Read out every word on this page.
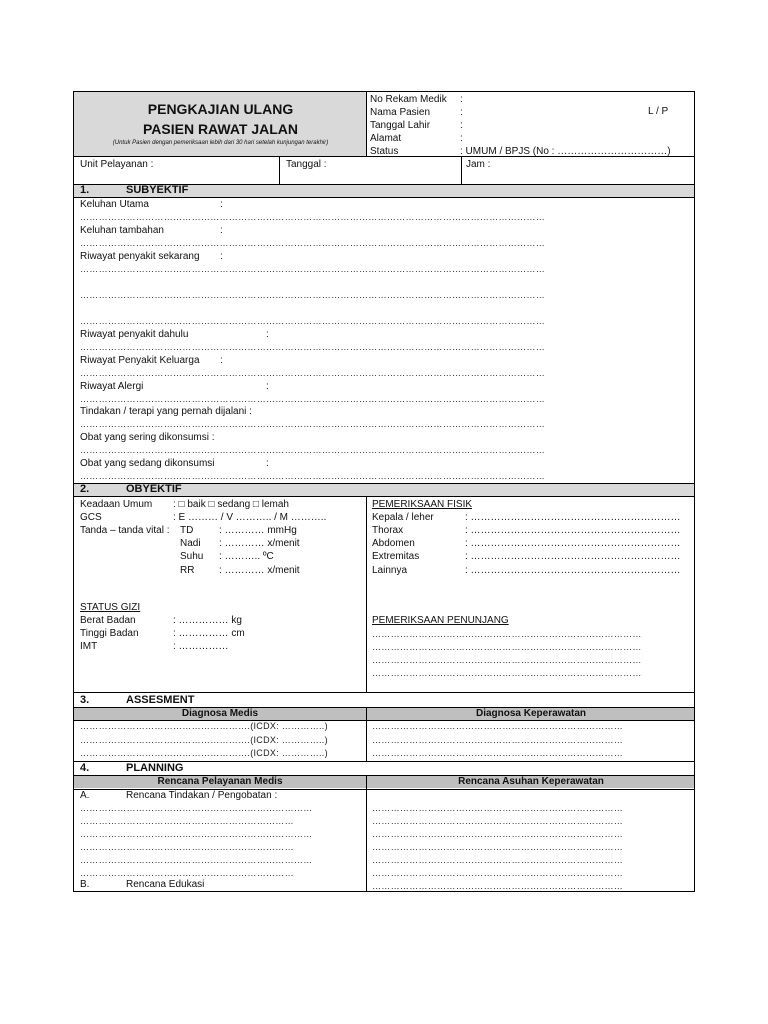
PENGKAJIAN ULANG
PASIEN RAWAT JALAN
(Untuk Pasien dengan pemeriksaan lebih dari 30 hari setelah kunjungan terakhir)
No Rekam Medik :
Nama Pasien	:
Tanggal Lahir	:
Alamat	:
Status	: UMUM / BPJS (No : ……………………………)
L / P
Unit Pelayanan :	Tanggal :	Jam :
1.	SUBYEKTIF
Keluhan Utama	:
……………………………………………………………………………………………………………………………………
Keluhan tambahan	:
……………………………………………………………………………………………………………………………………
Riwayat penyakit sekarang :
……………………………………………………………………………………………………………………………………
……………………………………………………………………………………………………………………………………
……………………………………………………………………………………………………………………………………
Riwayat penyakit dahulu	:
……………………………………………………………………………………………………………………………………
Riwayat Penyakit Keluarga :
……………………………………………………………………………………………………………………………………
Riwayat Alergi	:
……………………………………………………………………………………………………………………………………
Tindakan / terapi yang pernah dijalani :
……………………………………………………………………………………………………………………………………
Obat yang sering dikonsumsi :
……………………………………………………………………………………………………………………………………
Obat yang sedang dikonsumsi	:
……………………………………………………………………………………………………………………………………
2.	OBYEKTIF
Keadaan Umum : □ baik □ sedang □ lemah
GCS	: E ……… / V ……….. / M ………..
Tanda – tanda vital : TD	: ………… mmHg
Nadi : ………… x/menit
Suhu : ……….. ºC
RR : ………… x/menit
STATUS GIZI
Berat Badan	: …………… kg
Tinggi Badan	: …………… cm
IMT	: ……………
PEMERIKSAAN FISIK
Kepala / leher	: ………………………………………………………
Thorax	: ………………………………………………………
Abdomen	: ………………………………………………………
Extremitas	: ………………………………………………………
Lainnya	: ………………………………………………………
PEMERIKSAAN PENUNJANG
……………………………………………………………………………
……………………………………………………………………………
……………………………………………………………………………
……………………………………………………………………………
3.	ASSESMENT
Diagnosa Medis	Diagnosa Keperawatan
……………………………………………….(ICDX: …………..)
……………………………………………….(ICDX: …………..)
……………………………………………….(ICDX: …………..)
………………………………………………………………………
………………………………………………………………………
………………………………………………………………………
4.	PLANNING
Rencana Pelayanan Medis	Rencana Asuhan Keperawatan
A.	Rencana Tindakan / Pengobatan :
…………………………………………………………………
……………………………………………………………
…………………………………………………………………
……………………………………………………………
…………………………………………………………………
……………………………………………………………
B.	Rencana Edukasi
………………………………………………………………………
………………………………………………………………………
………………………………………………………………………
………………………………………………………………………
………………………………………………………………………
………………………………………………………………………
………………………………………………………………………
